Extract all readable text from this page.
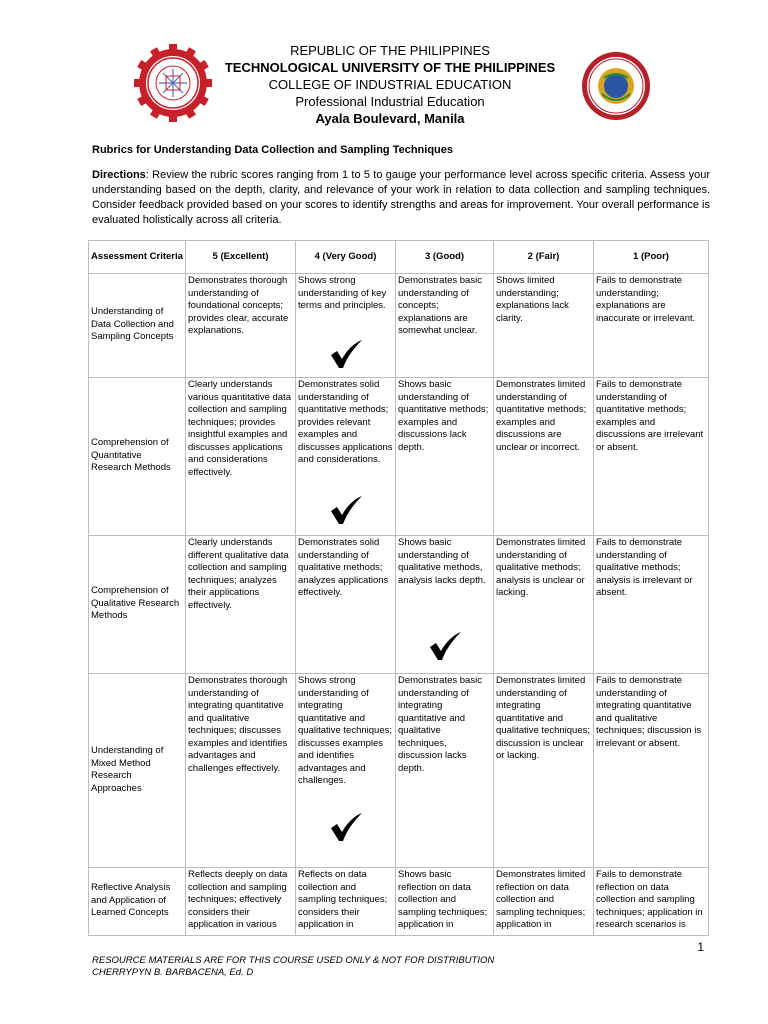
REPUBLIC OF THE PHILIPPINES
TECHNOLOGICAL UNIVERSITY OF THE PHILIPPINES
COLLEGE OF INDUSTRIAL EDUCATION
Professional Industrial Education
Ayala Boulevard, Manila
Rubrics for Understanding Data Collection and Sampling Techniques
Directions: Review the rubric scores ranging from 1 to 5 to gauge your performance level across specific criteria. Assess your understanding based on the depth, clarity, and relevance of your work in relation to data collection and sampling techniques. Consider feedback provided based on your scores to identify strengths and areas for improvement. Your overall performance is evaluated holistically across all criteria.
Assessment Criteria	5 (Excellent)	4 (Very Good)	3 (Good)	2 (Fair)	1 (Poor)
Understanding of Data Collection and Sampling Concepts	Demonstrates thorough understanding of foundational concepts; provides clear, accurate explanations.	Shows strong understanding of key terms and principles.	Demonstrates basic understanding of concepts; explanations are somewhat unclear.	Shows limited understanding; explanations lack clarity.	Fails to demonstrate understanding; explanations are inaccurate or irrelevant.

Comprehension of Quantitative Research Methods	Clearly understands various quantitative data collection and sampling techniques; provides insightful examples and discusses applications and considerations effectively.	Demonstrates solid understanding of quantitative methods; provides relevant examples and discusses applications and considerations.	Shows basic understanding of quantitative methods; examples and discussions lack depth.	Demonstrates limited understanding of quantitative methods; examples and discussions are unclear or incorrect.	Fails to demonstrate understanding of quantitative methods; examples and discussions are irrelevant or absent.

Comprehension of Qualitative Research Methods	Clearly understands different qualitative data collection and sampling techniques; analyzes their applications effectively.	Demonstrates solid understanding of qualitative methods; analyzes applications effectively.	Shows basic understanding of qualitative methods, analysis lacks depth.	Demonstrates limited understanding of qualitative methods; analysis is unclear or lacking.	Fails to demonstrate understanding of qualitative methods; analysis is irrelevant or absent.

Understanding of Mixed Method Research Approaches	Demonstrates thorough understanding of integrating quantitative and qualitative techniques; discusses examples and identifies advantages and challenges effectively.	Shows strong understanding of integrating quantitative and qualitative techniques; discusses examples and identifies advantages and challenges.	Demonstrates basic understanding of integrating quantitative and qualitative techniques, discussion lacks depth.	Demonstrates limited understanding of integrating quantitative and qualitative techniques; discussion is unclear or lacking.	Fails to demonstrate understanding of integrating quantitative and qualitative techniques; discussion is irrelevant or absent.

Reflective Analysis and Application of Learned Concepts	Reflects deeply on data collection and sampling techniques; effectively considers their application in various	Reflects on data collection and sampling techniques; considers their application in	Shows basic reflection on data collection and sampling techniques; application in	Demonstrates limited reflection on data collection and sampling techniques; application in	Fails to demonstrate reflection on data collection and sampling techniques; application in research scenarios is
1
RESOURCE MATERIALS ARE FOR THIS COURSE USED ONLY & NOT FOR DISTRIBUTION
CHERRYPYN B. BARBACENA, Ed. D
